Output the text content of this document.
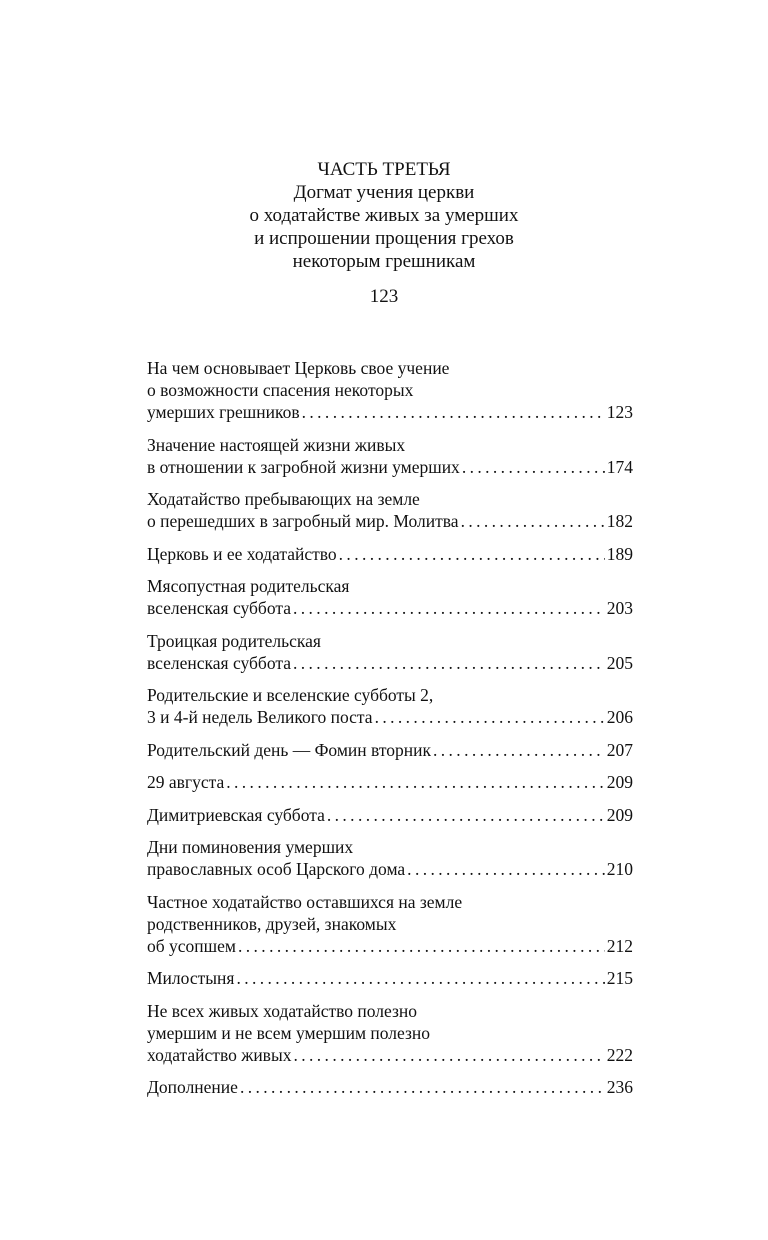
ЧАСТЬ ТРЕТЬЯ
Догмат учения церкви
о ходатайстве живых за умерших
и испрошении прощения грехов
некоторым грешникам
123
На чем основывает Церковь свое учение
о возможности спасения некоторых
умерших грешников .....	123
Значение настоящей жизни живых
в отношении к загробной жизни умерших .....	174
Ходатайство пребывающих на земле
о перешедших в загробный мир. Молитва .....	182
Церковь и ее ходатайство .....	189
Мясопустная родительская
вселенская суббота .....	203
Троицкая родительская
вселенская суббота .....	205
Родительские и вселенские субботы 2,
3 и 4-й недель Великого поста .....	206
Родительский день — Фомин вторник .....	207
29 августа .....	209
Димитриевская суббота .....	209
Дни поминовения умерших
православных особ Царского дома .....	210
Частное ходатайство оставшихся на земле
родственников, друзей, знакомых
об усопшем .....	212
Милостыня .....	215
Не всех живых ходатайство полезно
умершим и не всем умершим полезно
ходатайство живых .....	222
Дополнение .....	236
